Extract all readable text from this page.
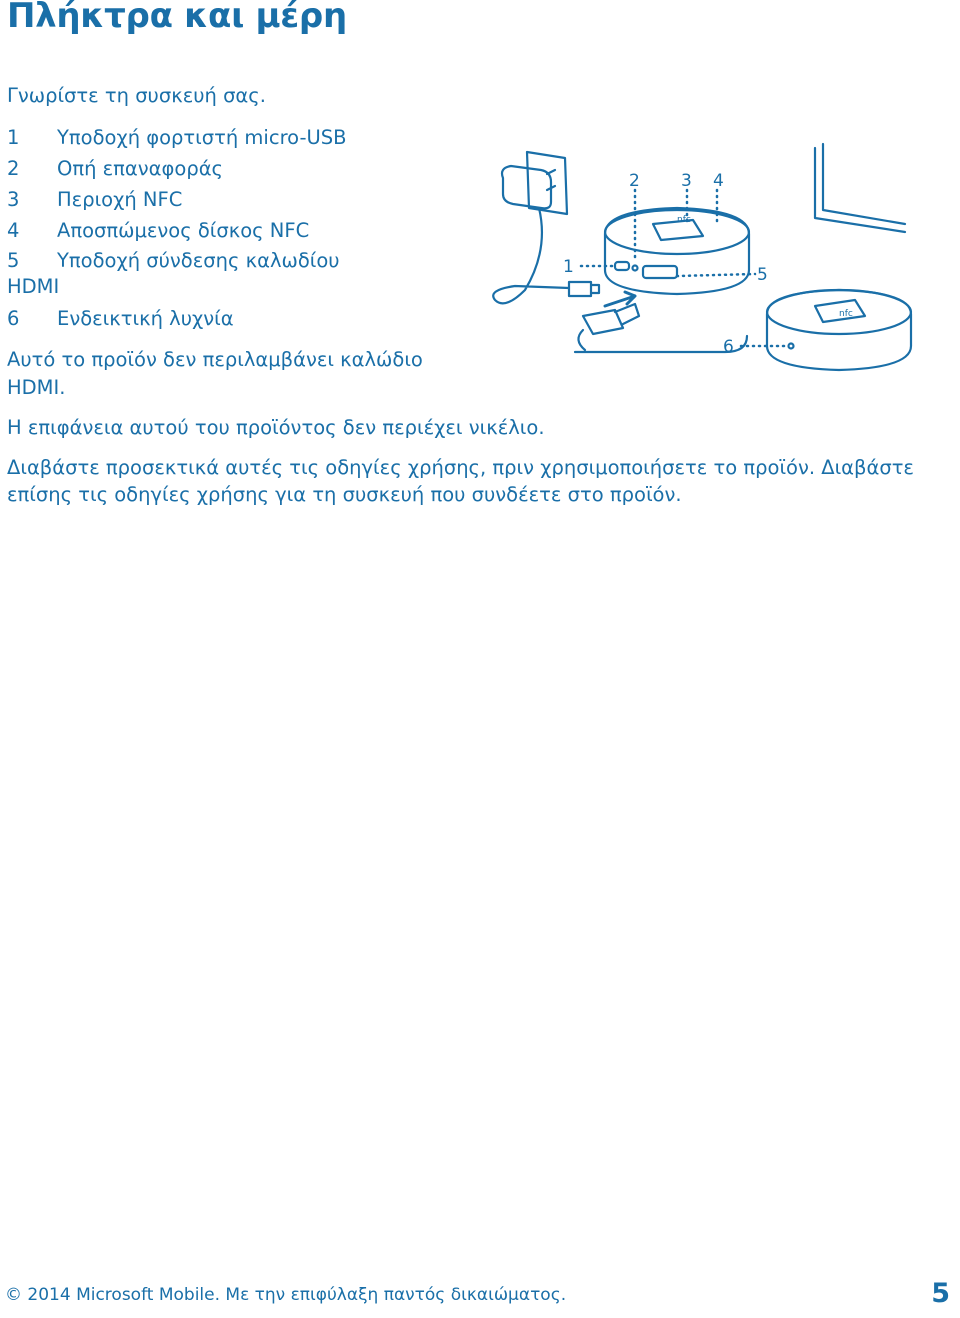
Πλήκτρα και μέρη
Γνωρίστε τη συσκευή σας.
1 Υποδοχή φορτιστή micro-USB
2 Οπή επαναφοράς
3 Περιοχή NFC
4 Αποσπώμενος δίσκος NFC
5 Υποδοχή σύνδεσης καλωδίου
HDMI
6 Ενδεικτική λυχνία
Αυτό το προϊόν δεν περιλαμβάνει καλώδιο HDMI.
Η επιφάνεια αυτού του προϊόντος δεν περιέχει νικέλιο.
Διαβάστε προσεκτικά αυτές τις οδηγίες χρήσης, πριν χρησιμοποιήσετε το προϊόν. Διαβάστε επίσης τις οδηγίες χρήσης για τη συσκευή που συνδέετε στο προϊόν.
1
2 3 4
5
6
nfc
nfc
© 2014 Microsoft Mobile. Με την επιφύλαξη παντός δικαιώματος.	5
